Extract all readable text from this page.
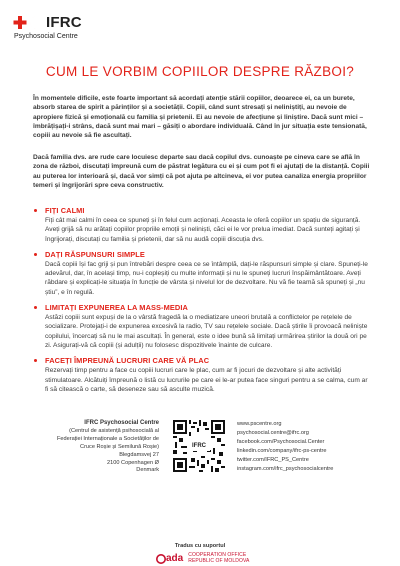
IFRC
Psychosocial Centre
CUM LE VORBIM COPIILOR DESPRE RĂZBOI?

În momentele dificile, este foarte important să acordați atenție stării copiilor, deoarece ei, ca un burete, absorb starea de spirit a părinților și a societății. Copiii, când sunt stresați și neliniștiți, au nevoie de apropiere fizică și emoțională cu familia și prietenii. Ei au nevoie de afecțiune și liniștire. Dacă sunt mici – îmbrățișați-i strâns, dacă sunt mai mari – găsiți o abordare individuală. Când în jur situația este tensionată, copiii au nevoie să fie ascultați.

Dacă familia dvs. are rude care locuiesc departe sau dacă copilul dvs. cunoaște pe cineva care se află în zona de război, discutați împreună cum de păstrat legătura cu ei și cum pot fi ei ajutați de la distanță. Copiii au puterea lor interioară și, dacă vor simți că pot ajuta pe altcineva, ei vor putea canaliza energia propriilor temeri și îngrijorări spre ceva constructiv.

FIȚI CALMI

Fiți cât mai calmi în ceea ce spuneți și în felul cum acționați. Aceasta le oferă copiilor un spațiu de siguranță. Aveți grijă să nu arătați copiilor propriile emoții și neliniști, căci ei le vor prelua imediat. Dacă sunteți agitați și îngrijorați, discutați cu familia și prietenii, dar să nu audă copiii discuția dvs.

DAȚI RĂSPUNSURI SIMPLE

Dacă copiii își fac griji și pun întrebări despre ceea ce se întâmplă, dați-le răspunsuri simple și clare. Spuneți-le adevărul, dar, în același timp, nu-i copleșiți cu multe informații și nu le spuneți lucruri înspăimântătoare. Aveți răbdare și explicați-le situația în funcție de vârsta și nivelul lor de dezvoltare. Nu vă fie teamă să spuneți și „nu știu”, e în regulă.

LIMITAȚI EXPUNEREA LA MASS-MEDIA

Astăzi copiii sunt expuși de la o vârstă fragedă la o mediatizare uneori brutală a conflictelor pe rețelele de socializare. Protejați-i de expunerea excesivă la radio, TV sau rețelele sociale. Dacă știrile îi provoacă neliniște copilului, încercați să nu le mai ascultați. În general, este o idee bună să limitați urmărirea știrilor la două ori pe zi. Asigurați-vă că copiii (și adulții) nu folosesc dispozitivele înainte de culcare.

FACEȚI ÎMPREUNĂ LUCRURI CARE VĂ PLAC

Rezervați timp pentru a face cu copiii lucruri care le plac, cum ar fi jocuri de dezvoltare și alte activități stimulatoare. Alcătuiți împreună o listă cu lucrurile pe care ei le-ar putea face singuri pentru a se calma, cum ar fi să citească o carte, să deseneze sau să asculte muzică.

IFRC Psychosocial Centre
(Centrul de asistență psihosocială al
Federației Internaționale a Societăților de
Cruce Roșie și Semilună Roșie)
Blegdamsvej 27
2100 Copenhagen Ø
Denmark
IFRC
www.pscentre.org
psychosocial.centre@ifrc.org
facebook.com/Psychosocial.Center
linkedin.com/company/ifrc-ps-centre
twitter.com/IFRC_PS_Centre
instagram.com/ifrc_psychosocialcentre
Tradus cu suportul
ada COOPERATION OFFICE
REPUBLIC OF MOLDOVA
